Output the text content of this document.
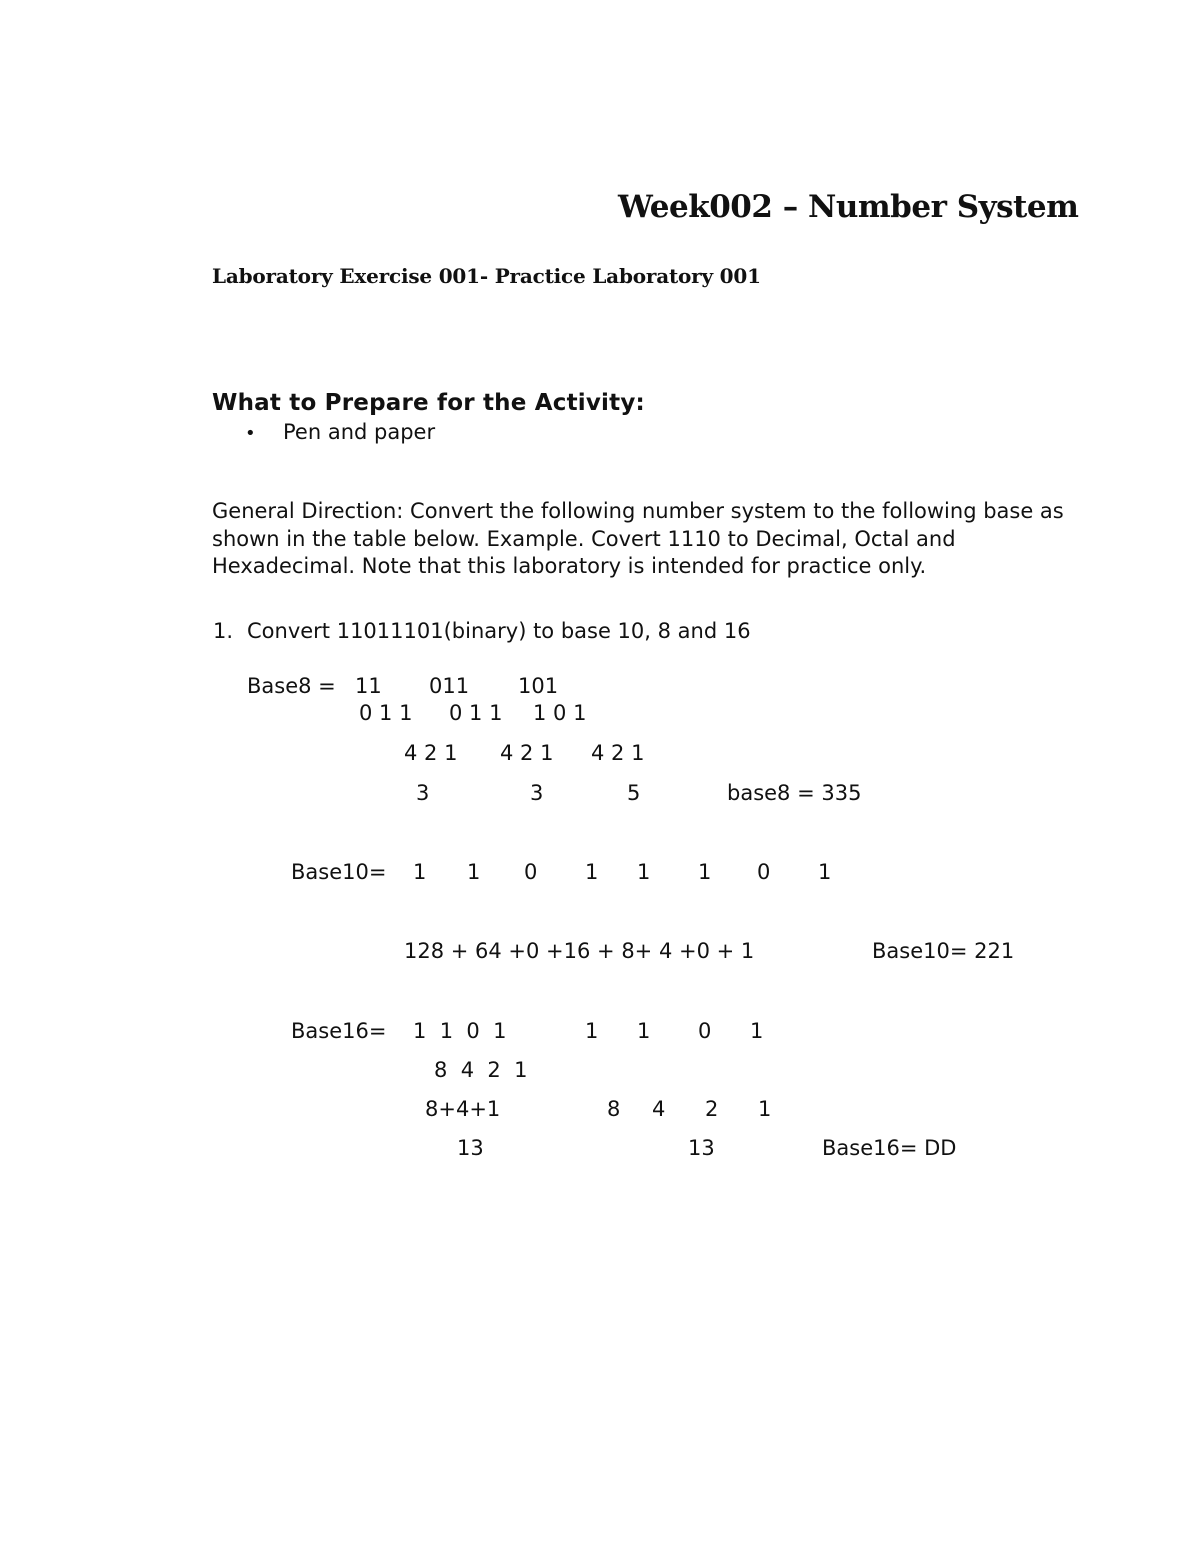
Week002 – Number System
Laboratory Exercise 001- Practice Laboratory 001
What to Prepare for the Activity:
• Pen and paper
General Direction: Convert the following number system to the following base as shown in the table below. Example. Covert 1110 to Decimal, Octal and Hexadecimal. Note that this laboratory is intended for practice only.
1. Convert 11011101(binary) to base 10, 8 and 16
Base8 = 11 011 101
0 1 1 0 1 1 1 0 1
4 2 1 4 2 1 4 2 1
3	3	5	base8 = 335
Base10= 1 1 0 1 1 1 0 1
128 + 64 +0 +16 + 8+ 4 +0 + 1	Base10= 221
Base16= 1  1  0  1	1 1 0 1
8  4  2  1
8+4+1	8 4 2 1
13	13	Base16= DD
